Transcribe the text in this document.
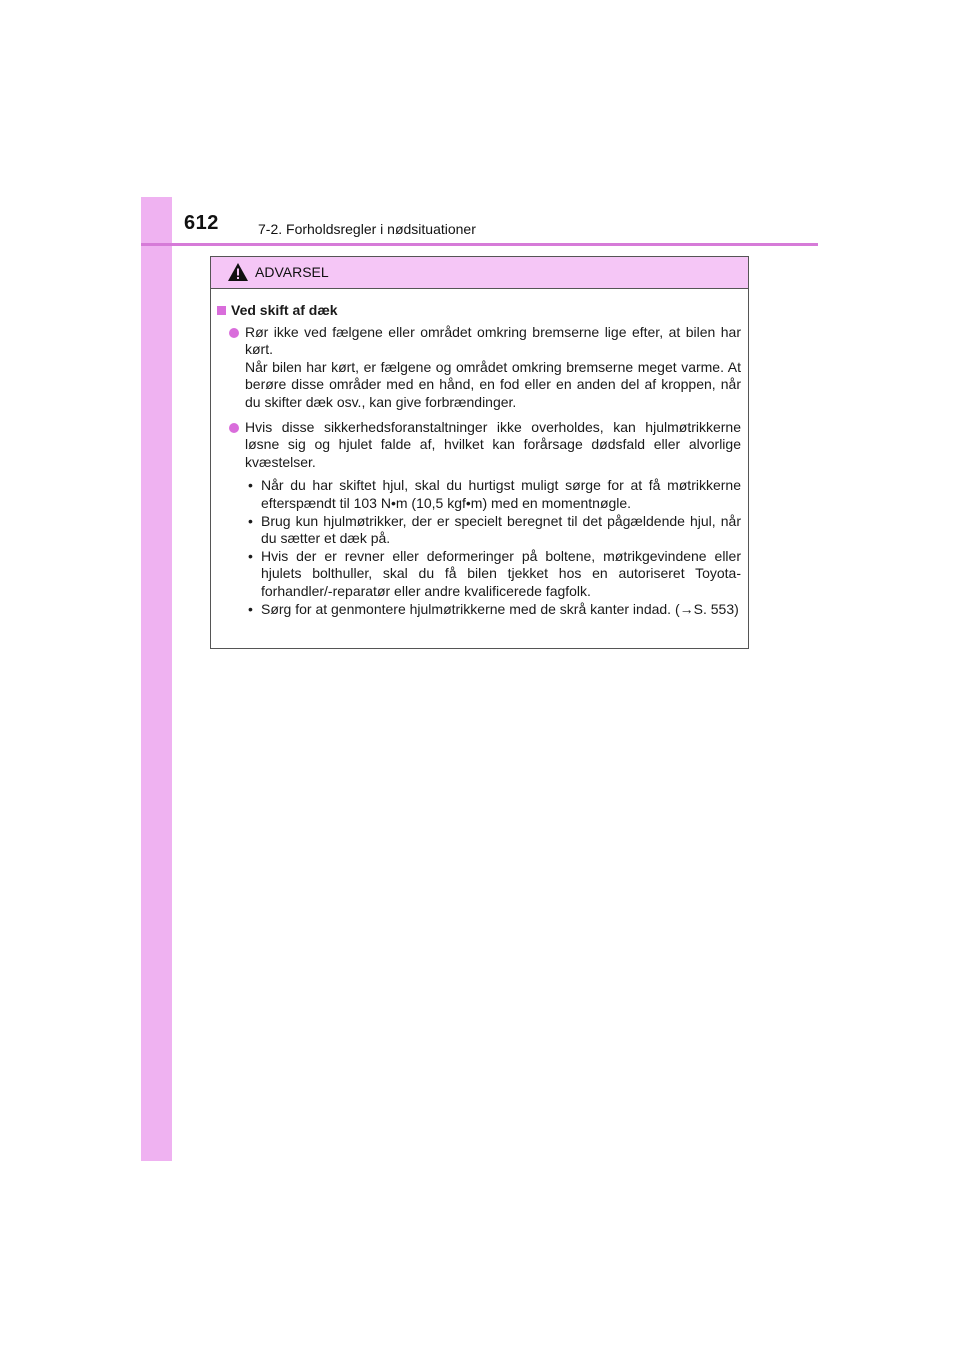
612	7-2. Forholdsregler i nødsituationer
ADVARSEL
Ved skift af dæk

Rør ikke ved fælgene eller området omkring bremserne lige efter, at bilen har kørt.

Når bilen har kørt, er fælgene og området omkring bremserne meget varme. At berøre disse områder med en hånd, en fod eller en anden del af kroppen, når du skifter dæk osv., kan give forbrændinger.

Hvis disse sikkerhedsforanstaltninger ikke overholdes, kan hjulmøtrikkerne løsne sig og hjulet falde af, hvilket kan forårsage dødsfald eller alvorlige kvæstelser.

• Når du har skiftet hjul, skal du hurtigst muligt sørge for at få møtrikkerne efterspændt til 103 N•m (10,5 kgf•m) med en momentnøgle.
• Brug kun hjulmøtrikker, der er specielt beregnet til det pågældende hjul, når du sætter et dæk på.
• Hvis der er revner eller deformeringer på boltene, møtrikgevindene eller hjulets bolthuller, skal du få bilen tjekket hos en autoriseret Toyota-forhandler/-reparatør eller andre kvalificerede fagfolk.
• Sørg for at genmontere hjulmøtrikkerne med de skrå kanter indad. (→S. 553)
